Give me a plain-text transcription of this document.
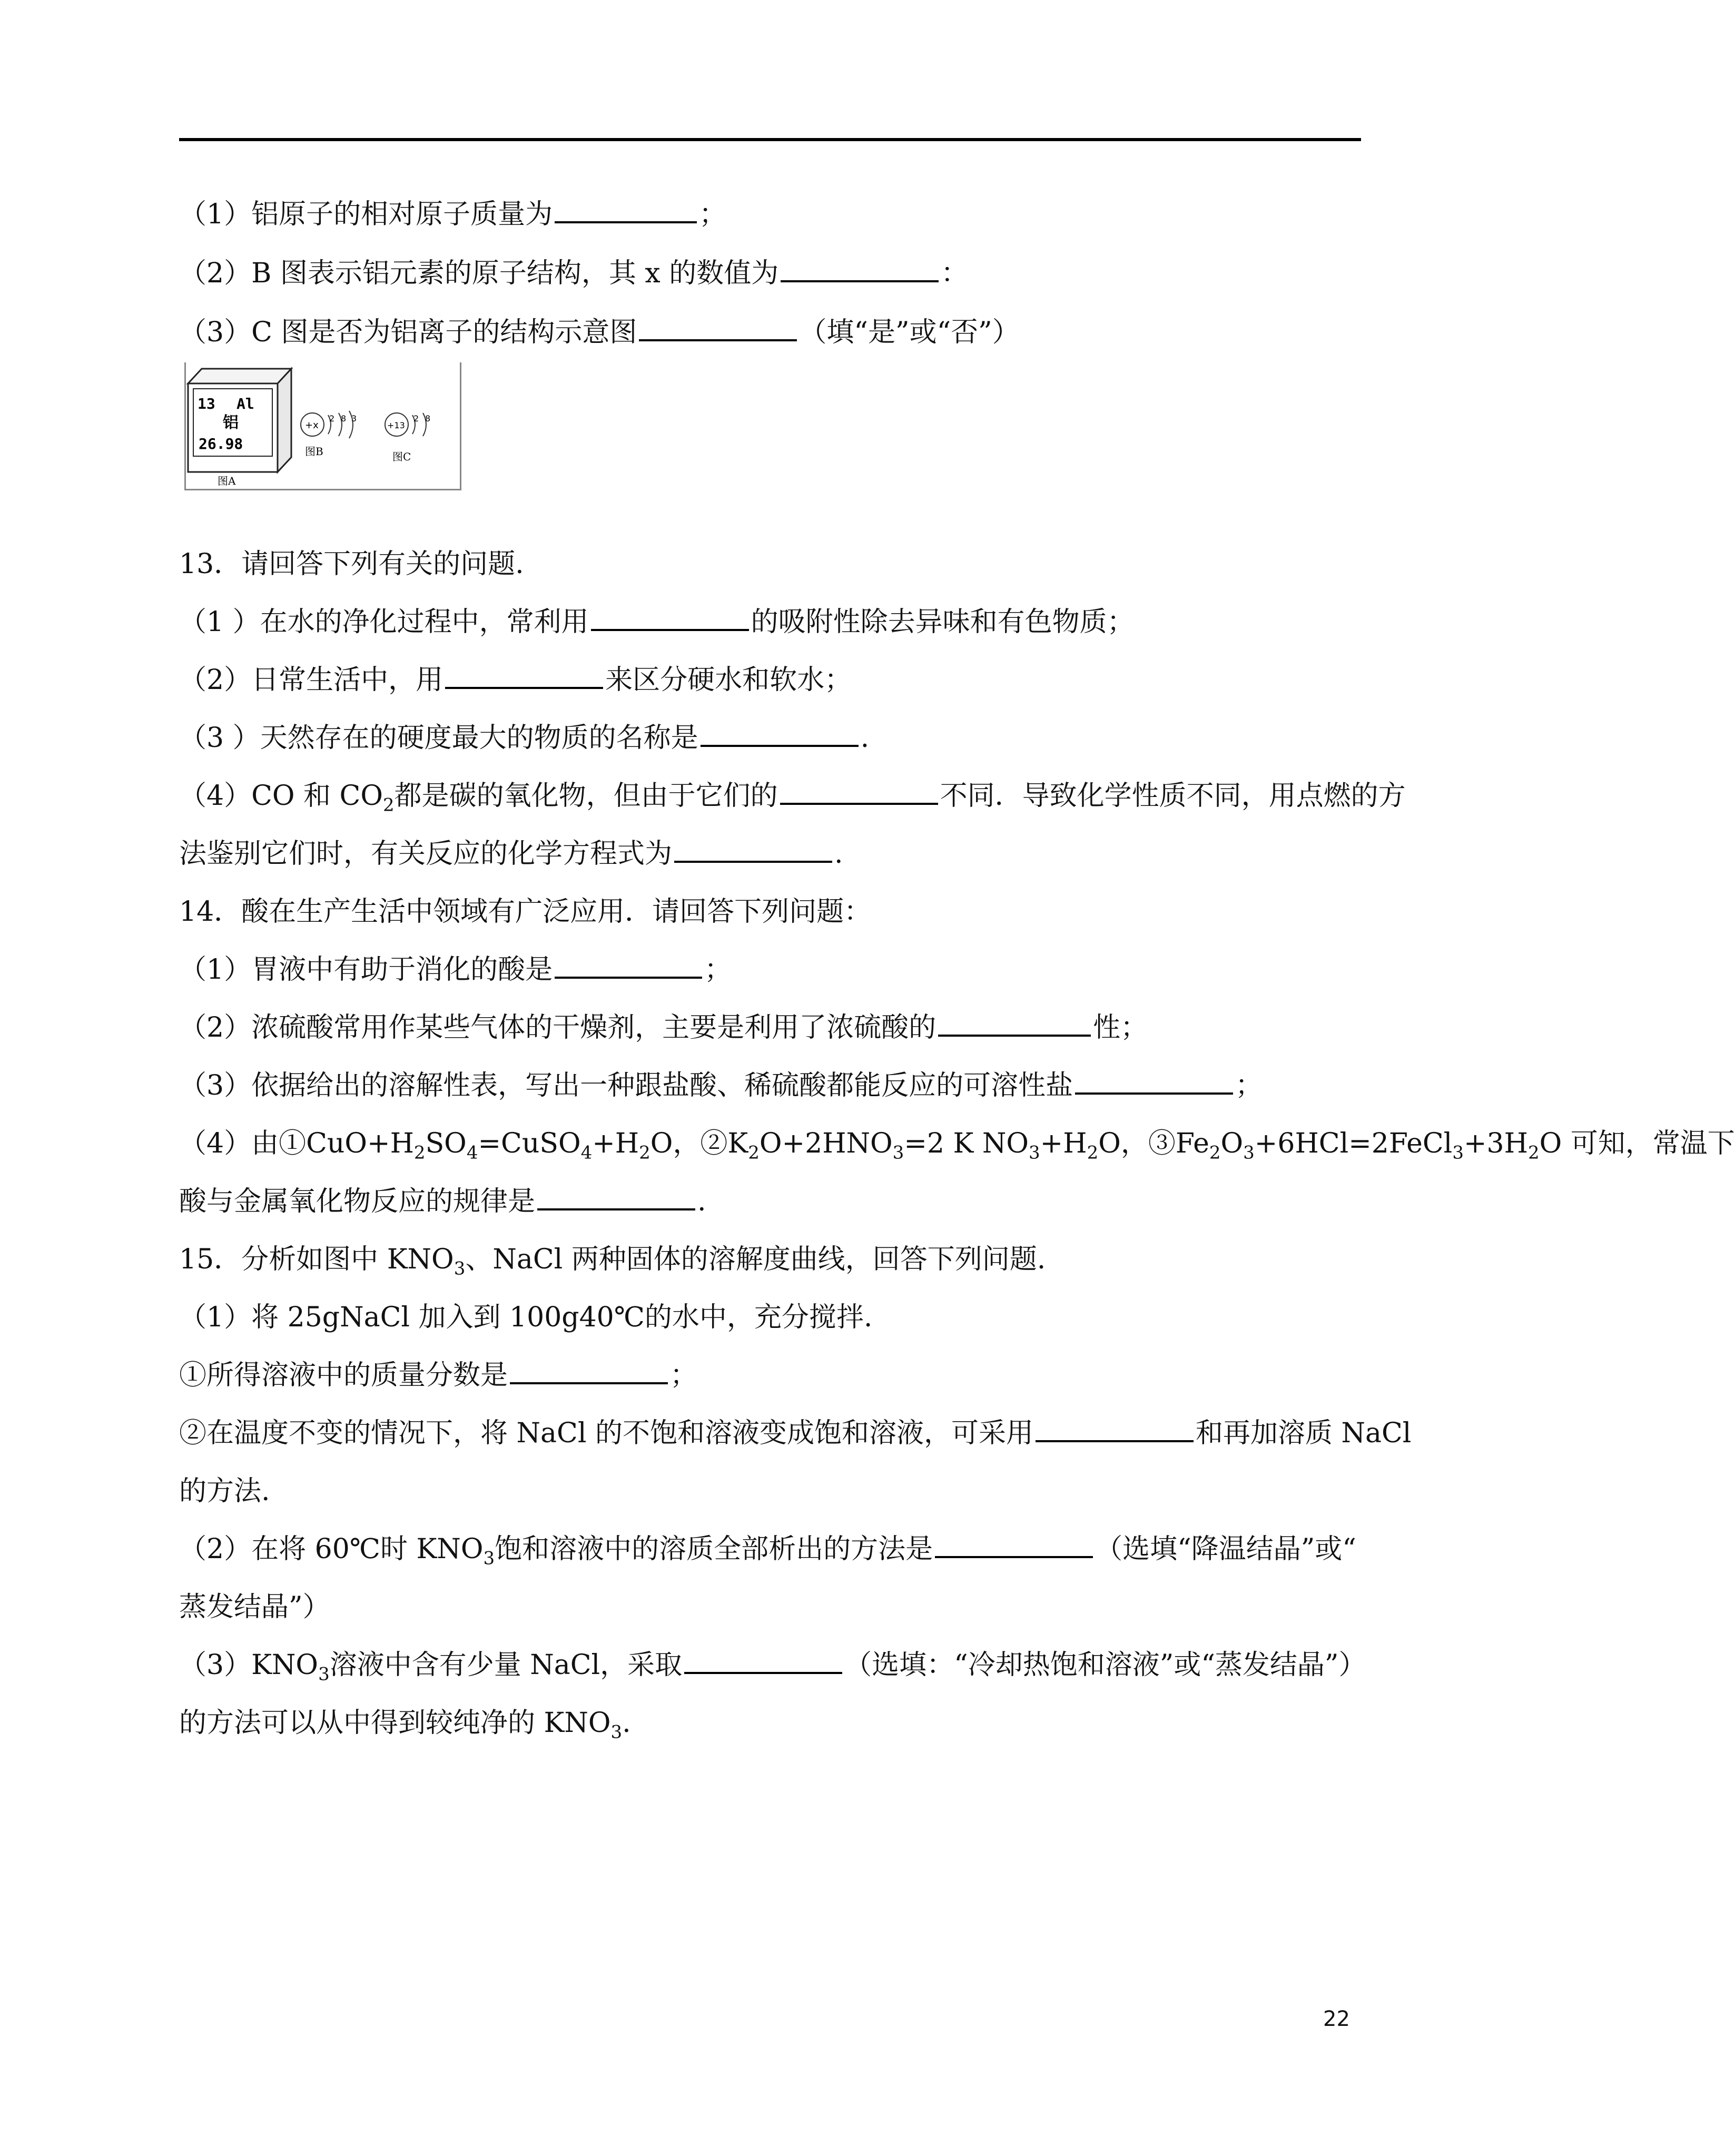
（1）铝原子的相对原子质量为	；
（2）B 图表示铝元素的原子结构，其 x 的数值为	：
（3）C 图是否为铝离子的结构示意图	（填“是”或“否”）
13 Al
铝
26.98
图A
+x
2 8 3
图B
+13
2 8
图C
13．请回答下列有关的问题.
（1 ）在水的净化过程中，常利用	的吸附性除去异味和有色物质；
（2）日常生活中，用	来区分硬水和软水；
（3 ）天然存在的硬度最大的物质的名称是	.
（4）CO 和 $CO_2$都是碳的氧化物，但由于它们的	不同．导致化学性质不同，用点燃的方
法鉴别它们时，有关反应的化学方程式为	.
14．酸在生产生活中领域有广泛应用．请回答下列问题：
（1）胃液中有助于消化的酸是	；
（2）浓硫酸常用作某些气体的干燥剂，主要是利用了浓硫酸的	性；
（3）依据给出的溶解性表，写出一种跟盐酸、稀硫酸都能反应的可溶性盐	；
（4）由$①CuO+H_2SO_4=CuSO_4+H_2O$，$②K_2O+2HNO_3=2$ K $NO_3+H_2O$，$③Fe_2O_3+6HCl=2FeCl_3+3H_2O$ 可知，常温下
酸与金属氧化物反应的规律是	.
15．分析如图中 $KNO_3$、NaCl 两种固体的溶解度曲线，回答下列问题.
（1）将 25gNaCl 加入到 100g40℃的水中，充分搅拌.
①所得溶液中的质量分数是	；
②在温度不变的情况下，将 NaCl 的不饱和溶液变成饱和溶液，可采用	和再加溶质 NaCl
的方法.
（2）在将 60℃时 $KNO_3$饱和溶液中的溶质全部析出的方法是	（选填“降温结晶”或“
蒸发结晶”）
$(3)KNO_3$溶液中含有少量 NaCl，采取	（选填：“冷却热饱和溶液”或“蒸发结晶”）
的方法可以从中得到较纯净的 $KNO_3$.
22
